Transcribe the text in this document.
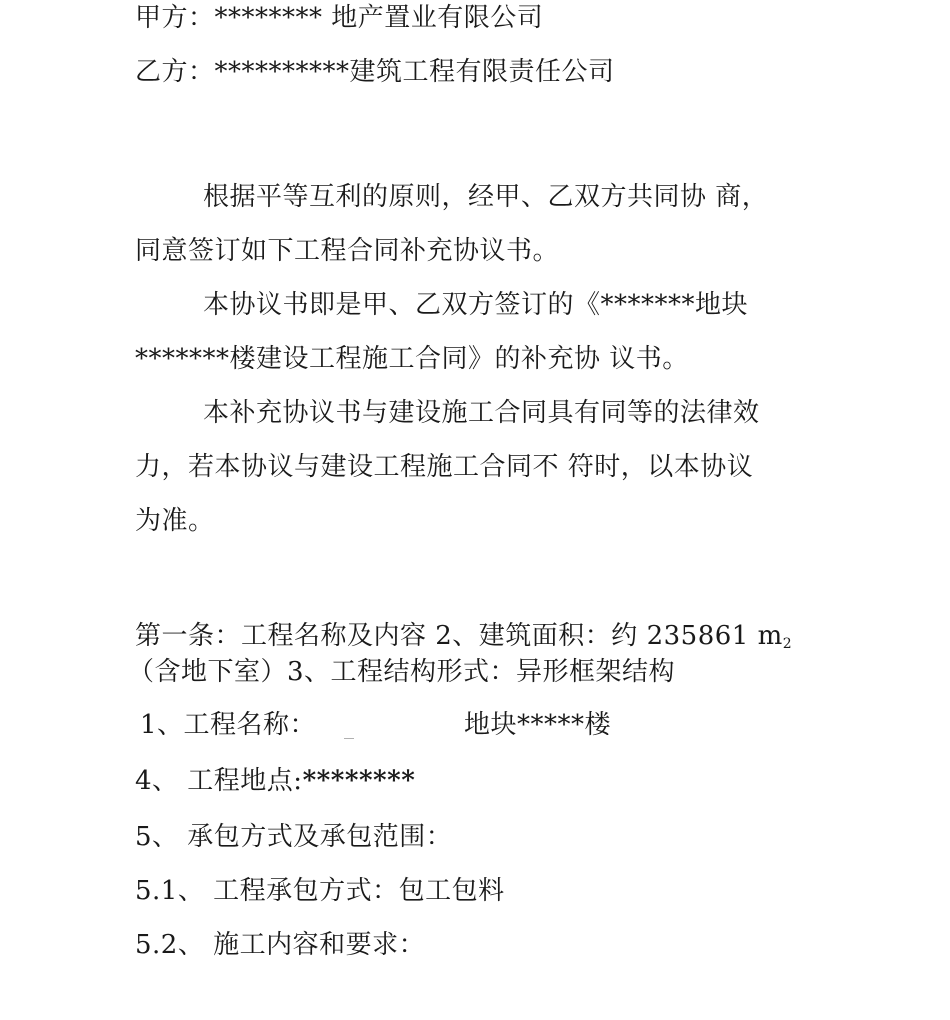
甲方：******** 地产置业有限公司
乙方：**********建筑工程有限责任公司
根据平等互利的原则，经甲、乙双方共同协 商，
同意签订如下工程合同补充协议书。
本协议书即是甲、乙双方签订的《*******地块
*******楼建设工程施工合同》的补充协 议书。
本补充协议书与建设施工合同具有同等的法律效
力，若本协议与建设工程施工合同不 符时，以本协议
为准。
第一条：工程名称及内容 2、建筑面积：约 235861 m2
（含地下室）3、工程结构形式：异形框架结构
1、工程名称：	地块*****楼
4、 工程地点:********
5、 承包方式及承包范围：
5.1、 工程承包方式：包工包料
5.2、 施工内容和要求：
